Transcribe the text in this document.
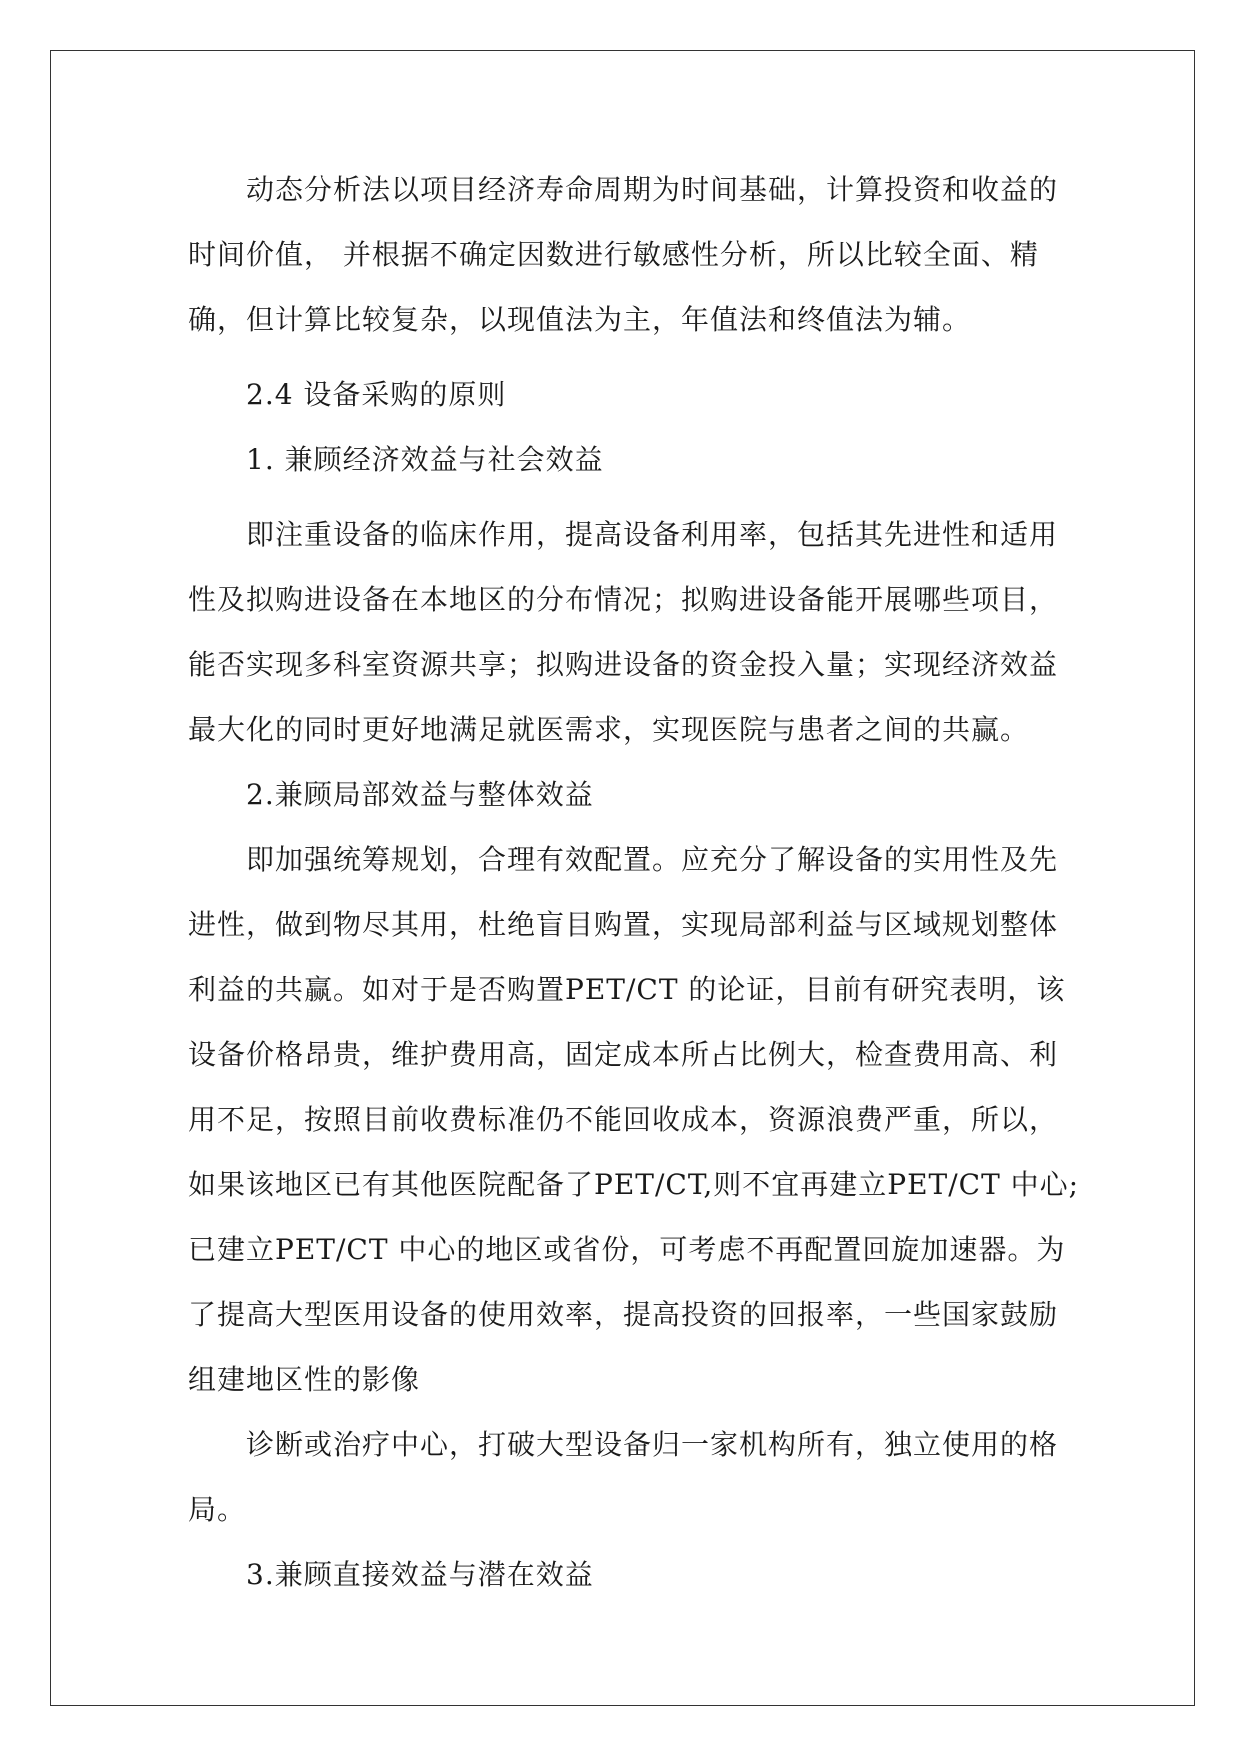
动态分析法以项目经济寿命周期为时间基础，计算投资和收益的
时间价值， 并根据不确定因数进行敏感性分析，所以比较全面、精
确，但计算比较复杂，以现值法为主，年值法和终值法为辅。
2.4 设备采购的原则
1. 兼顾经济效益与社会效益
即注重设备的临床作用，提高设备利用率，包括其先进性和适用
性及拟购进设备在本地区的分布情况；拟购进设备能开展哪些项目，
能否实现多科室资源共享；拟购进设备的资金投入量；实现经济效益
最大化的同时更好地满足就医需求，实现医院与患者之间的共赢。
2.兼顾局部效益与整体效益
即加强统筹规划，合理有效配置。应充分了解设备的实用性及先
进性，做到物尽其用，杜绝盲目购置，实现局部利益与区域规划整体
利益的共赢。如对于是否购置PET/CT 的论证，目前有研究表明，该
设备价格昂贵，维护费用高，固定成本所占比例大，检查费用高、利
用不足，按照目前收费标准仍不能回收成本，资源浪费严重，所以，
如果该地区已有其他医院配备了PET/CT,则不宜再建立PET/CT 中心;
已建立PET/CT 中心的地区或省份，可考虑不再配置回旋加速器。为
了提高大型医用设备的使用效率，提高投资的回报率，一些国家鼓励
组建地区性的影像
诊断或治疗中心，打破大型设备归一家机构所有，独立使用的格
局。
3.兼顾直接效益与潜在效益
